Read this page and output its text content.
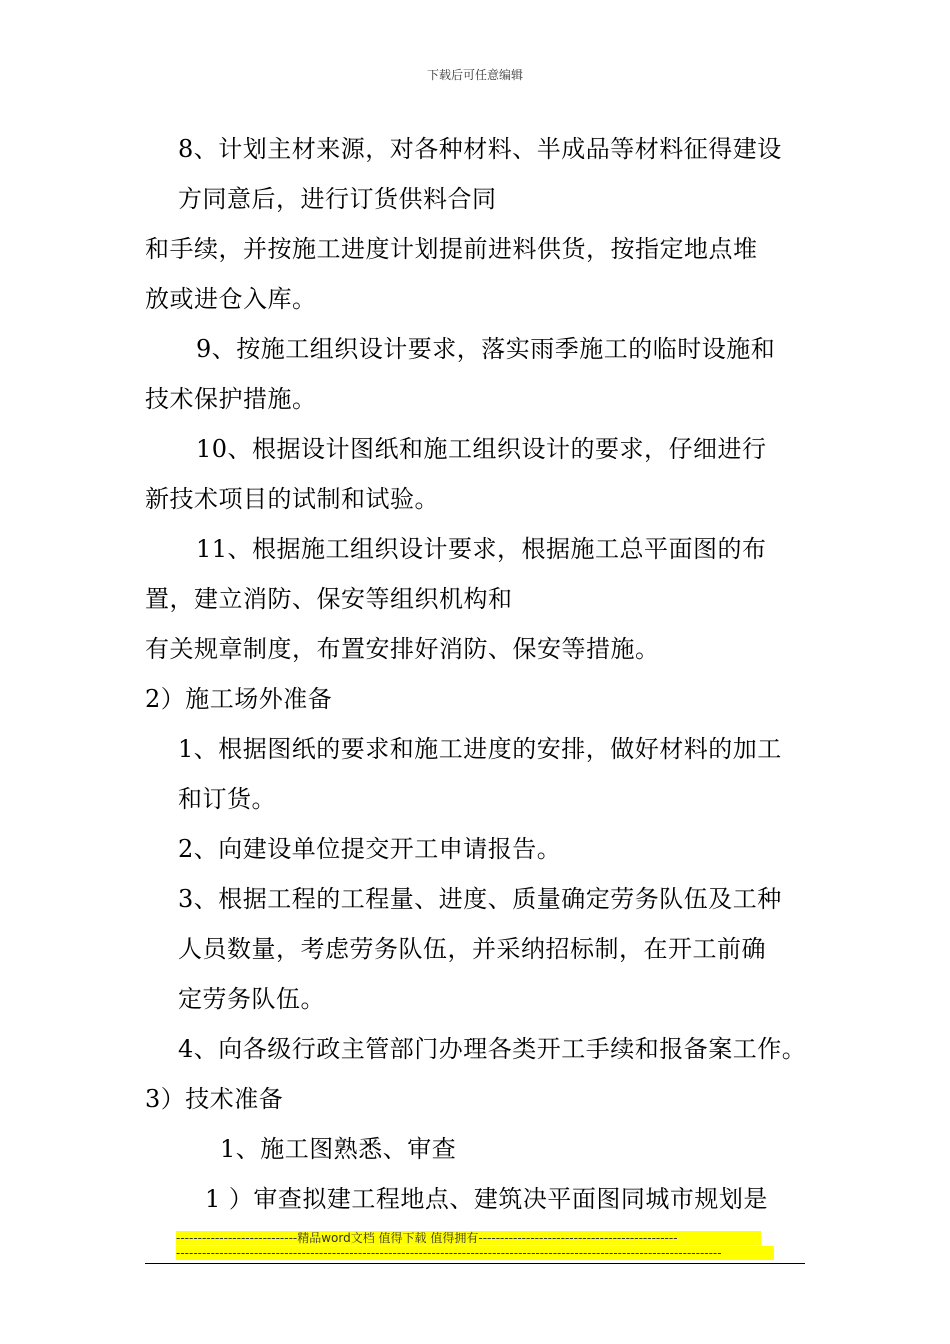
下载后可任意编辑
8、计划主材来源，对各种材料、半成品等材料征得建设
方同意后，进行订货供料合同
和手续，并按施工进度计划提前进料供货，按指定地点堆
放或进仓入库。
9、按施工组织设计要求，落实雨季施工的临时设施和
技术保护措施。
10、根据设计图纸和施工组织设计的要求，仔细进行
新技术项目的试制和试验。
11、根据施工组织设计要求，根据施工总平面图的布
置，建立消防、保安等组织机构和
有关规章制度，布置安排好消防、保安等措施。
2）施工场外准备
1、根据图纸的要求和施工进度的安排，做好材料的加工
和订货。
2、向建设单位提交开工申请报告。
3、根据工程的工程量、进度、质量确定劳务队伍及工种
人员数量，考虑劳务队伍，并采纳招标制，在开工前确
定劳务队伍。
4、向各级行政主管部门办理各类开工手续和报备案工作。
3）技术准备
1、施工图熟悉、审查
1 ）审查拟建工程地点、建筑决平面图同城市规划是
----------------------------精品word文档 值得下载 值得拥有----------------------------------------------
------------------------------------------------------------------------------------------------------------------------------
